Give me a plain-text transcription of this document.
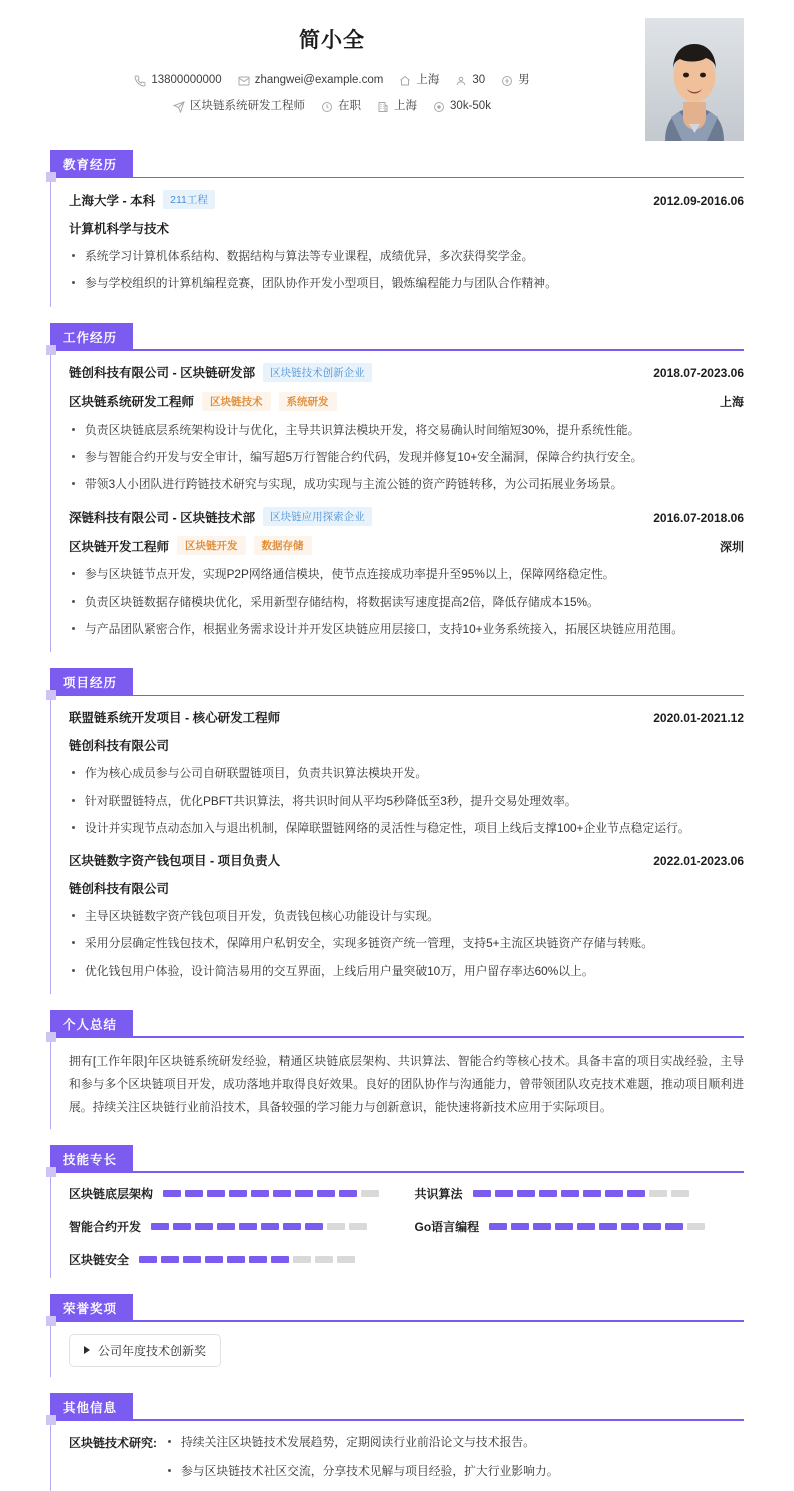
简小全
13800000000	zhangwei@example.com	上海	30	男
区块链系统研发工程师	在职	上海	30k-50k
教育经历
上海大学 - 本科	211工程	2012.09-2016.06
计算机科学与技术
系统学习计算机体系结构、数据结构与算法等专业课程，成绩优异，多次获得奖学金。
参与学校组织的计算机编程竞赛，团队协作开发小型项目，锻炼编程能力与团队合作精神。
工作经历
链创科技有限公司 - 区块链研发部	区块链技术创新企业	2018.07-2023.06
区块链系统研发工程师	区块链技术	系统研发	上海
负责区块链底层系统架构设计与优化，主导共识算法模块开发，将交易确认时间缩短30%，提升系统性能。
参与智能合约开发与安全审计，编写超5万行智能合约代码，发现并修复10+安全漏洞，保障合约执行安全。
带领3人小团队进行跨链技术研究与实现，成功实现与主流公链的资产跨链转移，为公司拓展业务场景。
深链科技有限公司 - 区块链技术部	区块链应用探索企业	2016.07-2018.06
区块链开发工程师	区块链开发	数据存储	深圳
参与区块链节点开发，实现P2P网络通信模块，使节点连接成功率提升至95%以上，保障网络稳定性。
负责区块链数据存储模块优化，采用新型存储结构，将数据读写速度提高2倍，降低存储成本15%。
与产品团队紧密合作，根据业务需求设计并开发区块链应用层接口，支持10+业务系统接入，拓展区块链应用范围。
项目经历
联盟链系统开发项目 - 核心研发工程师	2020.01-2021.12
链创科技有限公司
作为核心成员参与公司自研联盟链项目，负责共识算法模块开发。
针对联盟链特点，优化PBFT共识算法，将共识时间从平均5秒降低至3秒，提升交易处理效率。
设计并实现节点动态加入与退出机制，保障联盟链网络的灵活性与稳定性，项目上线后支撑100+企业节点稳定运行。
区块链数字资产钱包项目 - 项目负责人	2022.01-2023.06
链创科技有限公司
主导区块链数字资产钱包项目开发，负责钱包核心功能设计与实现。
采用分层确定性钱包技术，保障用户私钥安全，实现多链资产统一管理，支持5+主流区块链资产存储与转账。
优化钱包用户体验，设计简洁易用的交互界面，上线后用户量突破10万，用户留存率达60%以上。
个人总结
拥有[工作年限]年区块链系统研发经验，精通区块链底层架构、共识算法、智能合约等核心技术。具备丰富的项目实战经验，主导和参与多个区块链项目开发，成功落地并取得良好效果。良好的团队协作与沟通能力，曾带领团队攻克技术难题，推动项目顺利进展。持续关注区块链行业前沿技术，具备较强的学习能力与创新意识，能快速将新技术应用于实际项目。
技能专长
区块链底层架构	共识算法
智能合约开发	Go语言编程
区块链安全
荣誉奖项
公司年度技术创新奖
其他信息
区块链技术研究:	持续关注区块链技术发展趋势，定期阅读行业前沿论文与技术报告。
参与区块链技术社区交流，分享技术见解与项目经验，扩大行业影响力。
